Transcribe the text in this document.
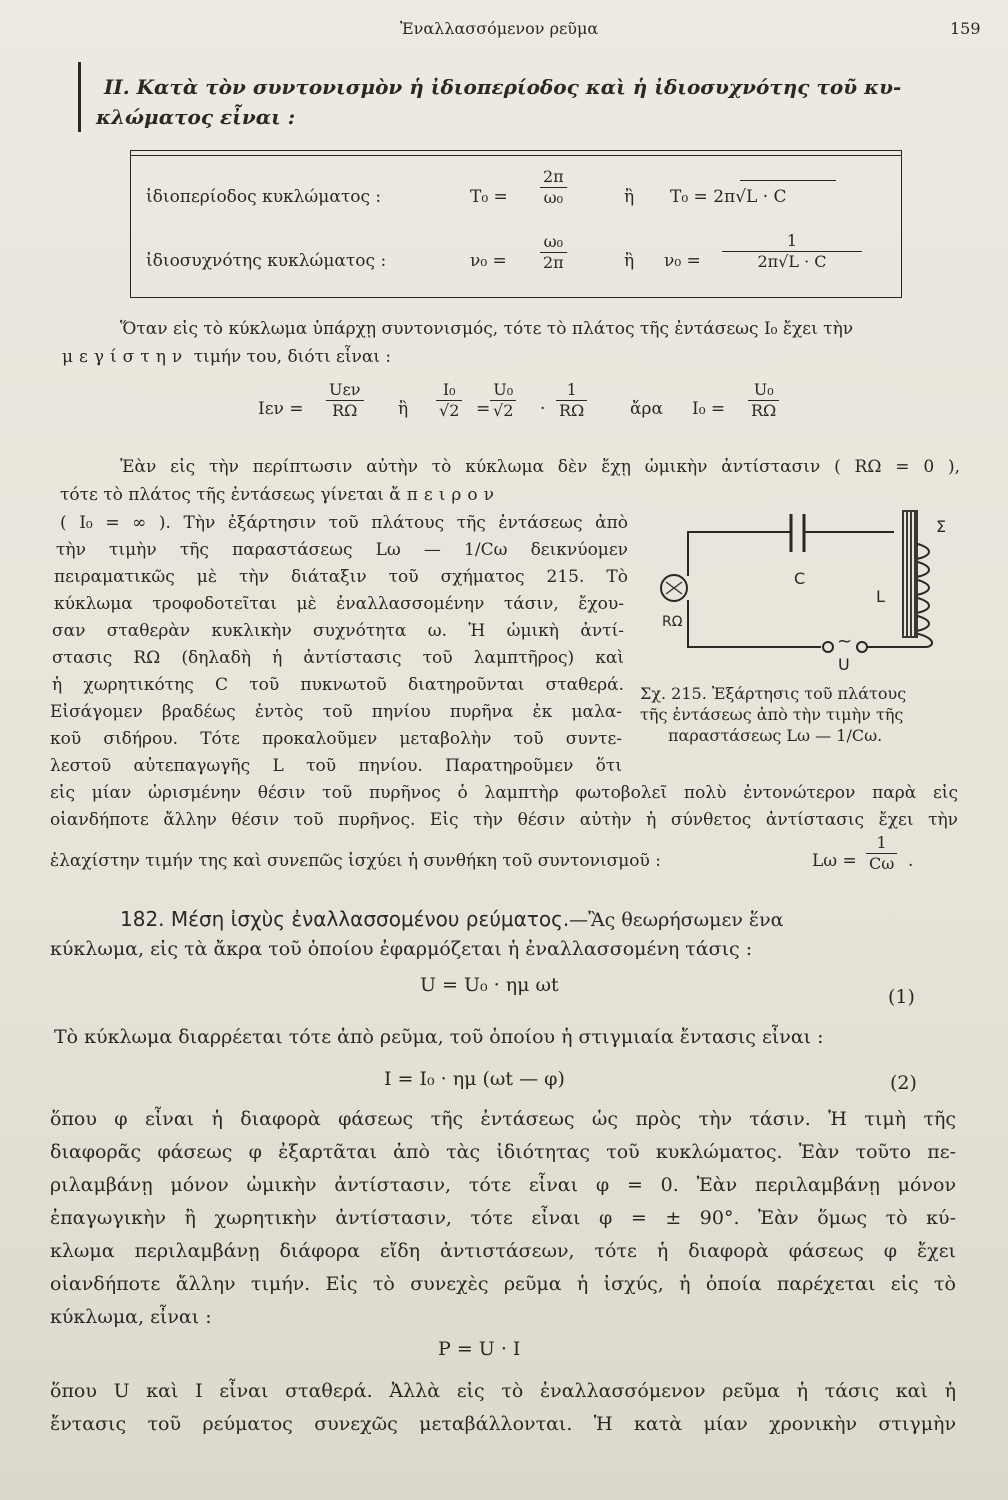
Ἐναλλασσόμενον ρεῦμα	159
II. Κατὰ τὸν συντονισμὸν ἡ ἰδιοπερίοδος καὶ ἡ ἰδιοσυχνότης τοῦ κυ-
κλώματος εἶναι :
ἰδιοπερίοδος κυκλώματος :	$T_0 = \frac{2\pi}{\text{ω₀}}$	ἢ T₀ = 2π√L · C
ἰδιοσυχνότης κυκλώματος :	$\nu_0 = \frac{\text{ω₀}}{2\pi}$	ἢ $\nu_0 = \frac{1}{2\pi√L \cdot C}$
Ὅταν εἰς τὸ κύκλωμα ὑπάρχῃ συντονισμός, τότε τὸ πλάτος τῆς ἐντάσεως I₀ ἔχει τὴν
μεγίστην τιμήν του, διότι εἶναι :
Iεν =
Uεν
RΩ	ἢ $\frac{\text{I₀}}{√2} = \frac{\text{U₀}}{√2} \cdot \frac{1}{R\Omega}$	ἄρα $I_0 = \frac{\text{U₀}}{R\Omega}$
Ἐὰν εἰς τὴν περίπτωσιν αὐτὴν τὸ κύκλωμα δὲν ἔχῃ ὠμικὴν ἀντίστασιν ( RΩ = 0 ),
τότε τὸ πλάτος τῆς ἐντάσεως γίνεται ἄπειρον
( I₀ = ∞ ). Τὴν ἐξάρτησιν τοῦ πλάτους τῆς ἐντάσεως ἀπὸ
τὴν τιμὴν τῆς παραστάσεως Lω — 1/Cω δεικνύομεν
πειραματικῶς μὲ τὴν διάταξιν τοῦ σχήματος 215. Τὸ
κύκλωμα τροφοδοτεῖται μὲ ἐναλλασσομένην τάσιν, ἔχου-
σαν σταθερὰν κυκλικὴν συχνότητα ω. Ἡ ὠμικὴ ἀντί-
στασις RΩ (δηλαδὴ ἡ ἀντίστασις τοῦ λαμπτῆρος) καὶ
ἡ χωρητικότης C τοῦ πυκνωτοῦ διατηροῦνται σταθερά.
Εἰσάγομεν βραδέως ἐντὸς τοῦ πηνίου πυρῆνα ἐκ μαλα-
κοῦ σιδήρου. Τότε προκαλοῦμεν μεταβολὴν τοῦ συντε-
λεστοῦ αὐτεπαγωγῆς L τοῦ πηνίου. Παρατηροῦμεν ὅτι
εἰς μίαν ὡρισμένην θέσιν τοῦ πυρῆνος ὁ λαμπτὴρ φωτοβολεῖ πολὺ ἐντονώτερον παρὰ εἰς
οἱανδήποτε ἄλλην θέσιν τοῦ πυρῆνος. Εἰς τὴν θέσιν αὐτὴν ἡ σύνθετος ἀντίστασις ἔχει τὴν
ἐλαχίστην τιμήν της καὶ συνεπῶς ἰσχύει ἡ συνθήκη τοῦ συντονισμοῦ :	$L\omega = \frac{1}{C\omega}$ .
Σ
C
L
RΩ
~
U
Σχ. 215. Ἐξάρτησις τοῦ πλάτους
τῆς ἐντάσεως ἀπὸ τὴν τιμὴν τῆς
παραστάσεως Lω — 1/Cω.
182. Μέση ἰσχὺς ἐναλλασσομένου ρεύματος.—Ἂς θεωρήσωμεν ἕνα
κύκλωμα, εἰς τὰ ἄκρα τοῦ ὁποίου ἐφαρμόζεται ἡ ἐναλλασσομένη τάσις :
U = U₀ · ημ ωt
(1)
Τὸ κύκλωμα διαρρέεται τότε ἀπὸ ρεῦμα, τοῦ ὁποίου ἡ στιγμιαία ἔντασις εἶναι :
I = I₀ · ημ (ωt — φ)	(2)
ὅπου φ εἶναι ἡ διαφορὰ φάσεως τῆς ἐντάσεως ὡς πρὸς τὴν τάσιν. Ἡ τιμὴ τῆς
διαφορᾶς φάσεως φ ἐξαρτᾶται ἀπὸ τὰς ἰδιότητας τοῦ κυκλώματος. Ἐὰν τοῦτο πε-
ριλαμβάνῃ μόνον ὠμικὴν ἀντίστασιν, τότε εἶναι φ = 0. Ἐὰν περιλαμβάνῃ μόνον
ἐπαγωγικὴν ἢ χωρητικὴν ἀντίστασιν, τότε εἶναι φ = ± 90°. Ἐὰν ὅμως τὸ κύ-
κλωμα περιλαμβάνῃ διάφορα εἴδη ἀντιστάσεων, τότε ἡ διαφορὰ φάσεως φ ἔχει
οἱανδήποτε ἄλλην τιμήν. Εἰς τὸ συνεχὲς ρεῦμα ἡ ἰσχύς, ἡ ὁποία παρέχεται εἰς τὸ
κύκλωμα, εἶναι :
P = U · I
ὅπου U καὶ I εἶναι σταθερά. Ἀλλὰ εἰς τὸ ἐναλλασσόμενον ρεῦμα ἡ τάσις καὶ ἡ
ἔντασις τοῦ ρεύματος συνεχῶς μεταβάλλονται. Ἡ κατὰ μίαν χρονικὴν στιγμὴν
